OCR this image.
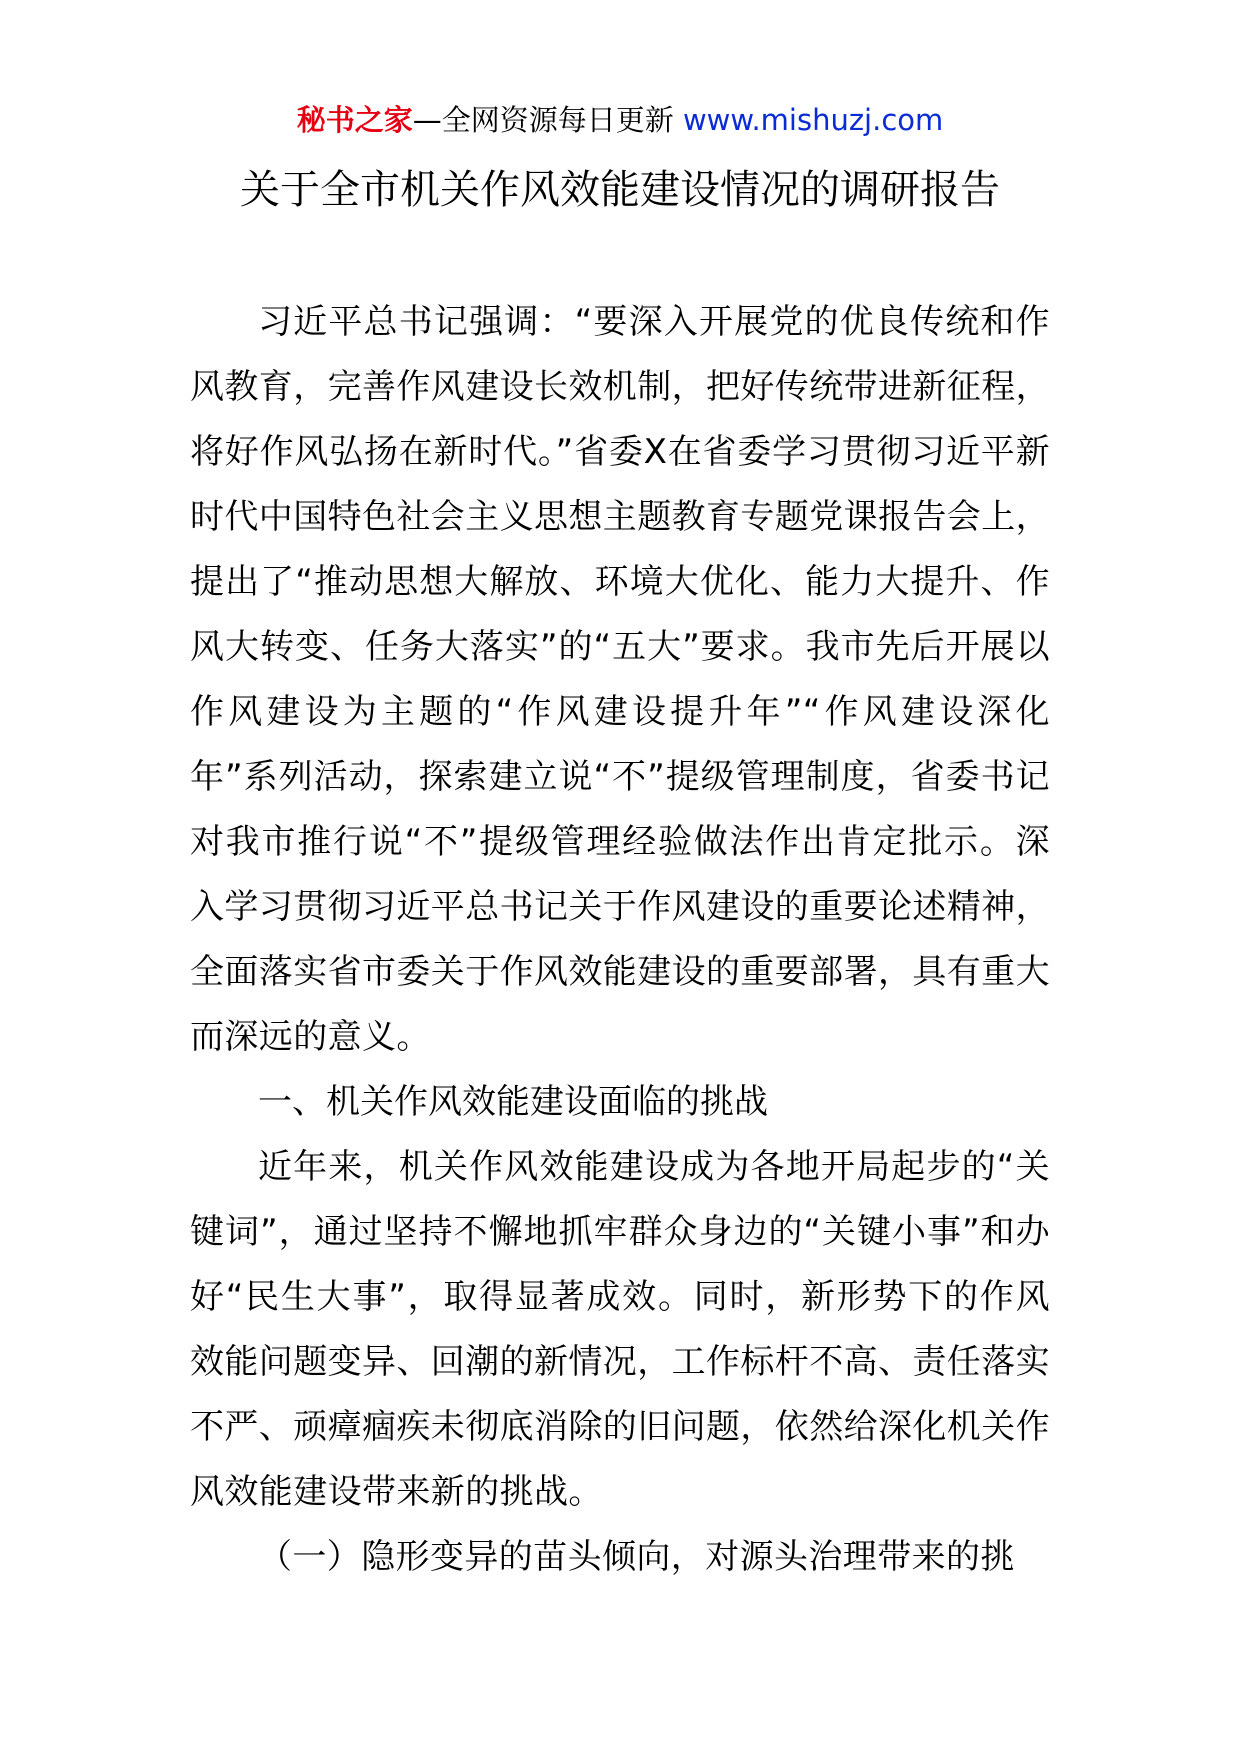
秘书之家—全网资源每日更新 www.mishuzj.com
关于全市机关作风效能建设情况的调研报告

习近平总书记强调：“要深入开展党的优良传统和作风教育，完善作风建设长效机制，把好传统带进新征程，将好作风弘扬在新时代。”省委X在省委学习贯彻习近平新时代中国特色社会主义思想主题教育专题党课报告会上，提出了“推动思想大解放、环境大优化、能力大提升、作风大转变、任务大落实”的“五大”要求。我市先后开展以作风建设为主题的“作风建设提升年”“作风建设深化年”系列活动，探索建立说“不”提级管理制度，省委书记对我市推行说“不”提级管理经验做法作出肯定批示。深入学习贯彻习近平总书记关于作风建设的重要论述精神，全面落实省市委关于作风效能建设的重要部署，具有重大而深远的意义。

一、机关作风效能建设面临的挑战

近年来，机关作风效能建设成为各地开局起步的“关键词”，通过坚持不懈地抓牢群众身边的“关键小事”和办好“民生大事”，取得显著成效。同时，新形势下的作风效能问题变异、回潮的新情况，工作标杆不高、责任落实不严、顽瘴痼疾未彻底消除的旧问题，依然给深化机关作风效能建设带来新的挑战。

（一）隐形变异的苗头倾向，对源头治理带来的挑
